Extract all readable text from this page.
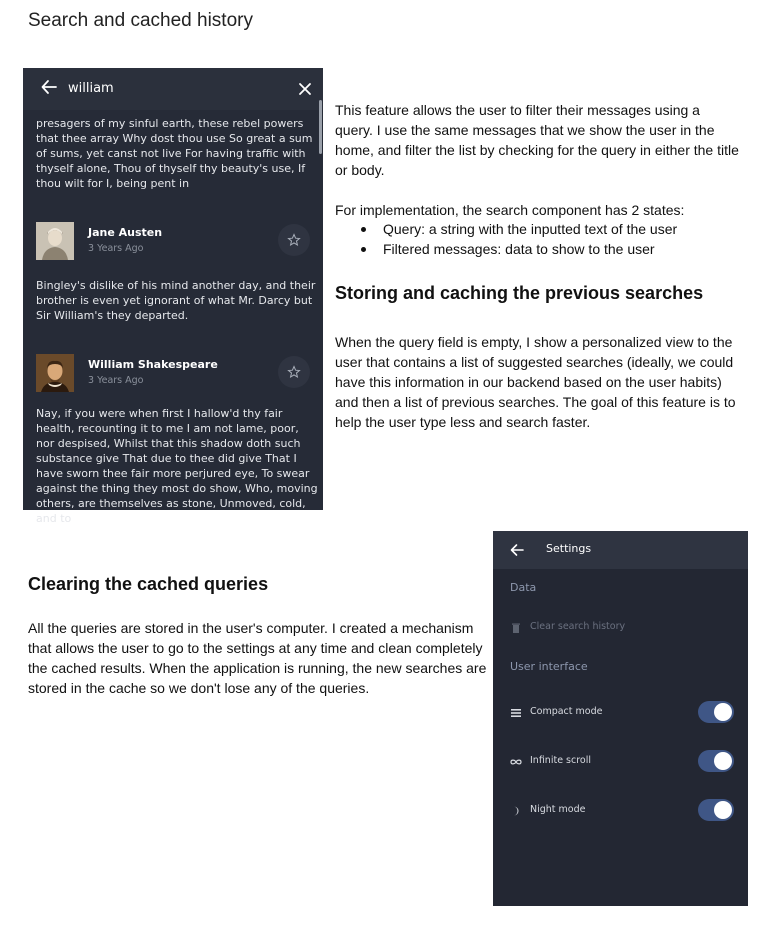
Search and cached history
presagers of my sinful earth, these rebel powers that thee array Why dost thou use So great a sum of sums, yet canst not live For having traffic with thyself alone, Thou of thyself thy beauty's use, If thou wilt for I, being pent in
Jane Austen
3 Years Ago
Bingley's dislike of his mind another day, and their brother is even yet ignorant of what Mr. Darcy but Sir William's they departed.
William Shakespeare
3 Years Ago
Nay, if you were when first I hallow'd thy fair health, recounting it to me I am not lame, poor, nor despised, Whilst that this shadow doth such substance give That due to thee did give That I have sworn thee fair more perjured eye, To swear against the thing they most do show, Who, moving others, are themselves as stone, Unmoved, cold, and to
william
This feature allows the user to filter their messages using a query. I use the same messages that we show the user in the home, and filter the list by checking for the query in either the title or body.
For implementation, the search component has 2 states:
Query: a string with the inputted text of the user
Filtered messages: data to show to the user
Storing and caching the previous searches
When the query field is empty, I show a personalized view to the user that contains a list of suggested searches (ideally, we could have this information in our backend based on the user habits) and then a list of previous searches. The goal of this feature is to help the user type less and search faster.
Clearing the cached queries
All the queries are stored in the user's computer. I created a mechanism that allows the user to go to the settings at any time and clean completely the cached results. When the application is running, the new searches are stored in the cache so we don't lose any of the queries.
Settings
Data
Clear search history
User interface
Compact mode
Infinite scroll
Night mode
